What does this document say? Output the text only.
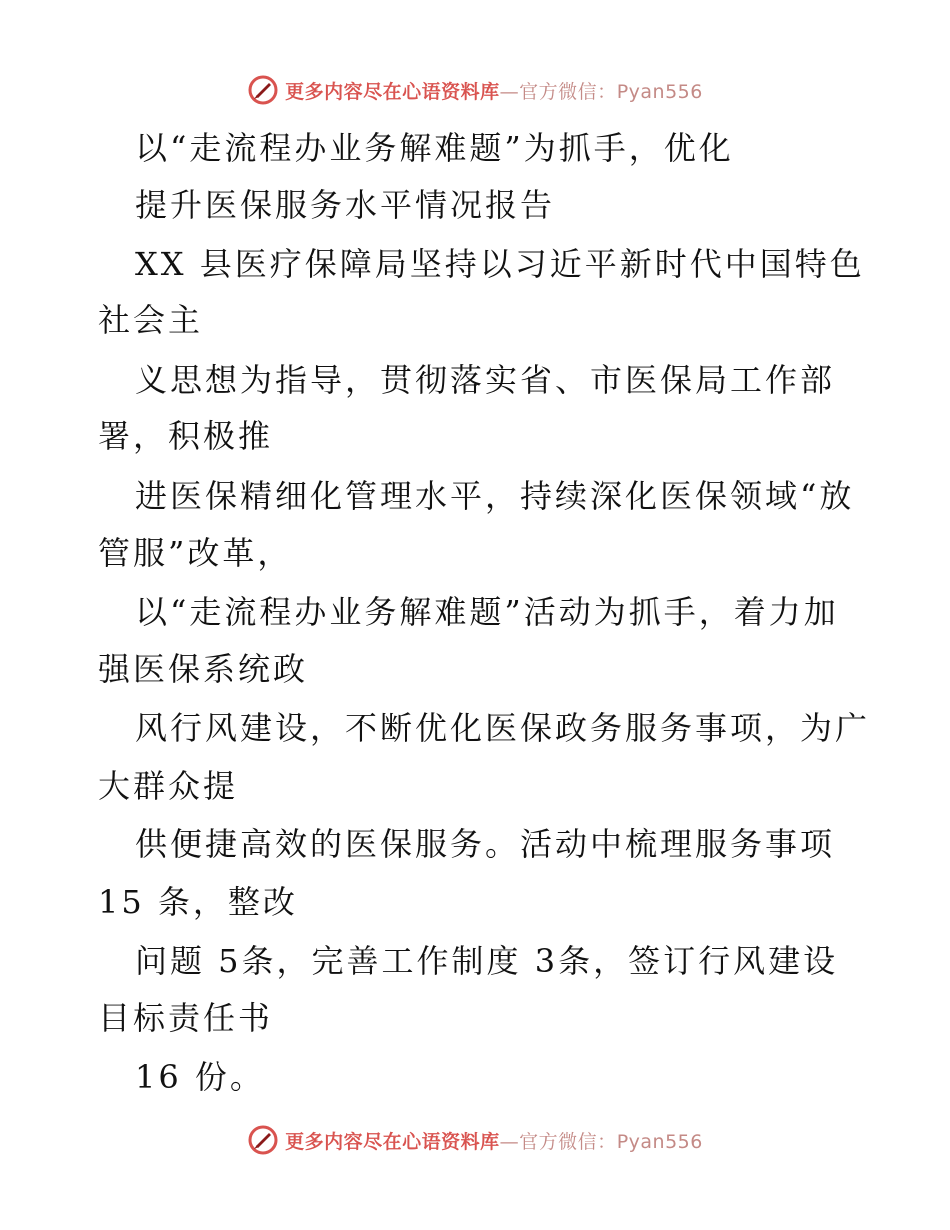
更多内容尽在心语资料库—官方微信：Pyan556
以“走流程办业务解难题”为抓手，优化
提升医保服务水平情况报告
XX 县医疗保障局坚持以习近平新时代中国特色
社会主
义思想为指导，贯彻落实省、市医保局工作部
署，积极推
进医保精细化管理水平，持续深化医保领域“放
管服”改革，
以“走流程办业务解难题”活动为抓手，着力加
强医保系统政
风行风建设，不断优化医保政务服务事项，为广
大群众提
供便捷高效的医保服务。活动中梳理服务事项
15 条，整改
问题 5条，完善工作制度 3条，签订行风建设
目标责任书
16 份。
更多内容尽在心语资料库—官方微信：Pyan556
